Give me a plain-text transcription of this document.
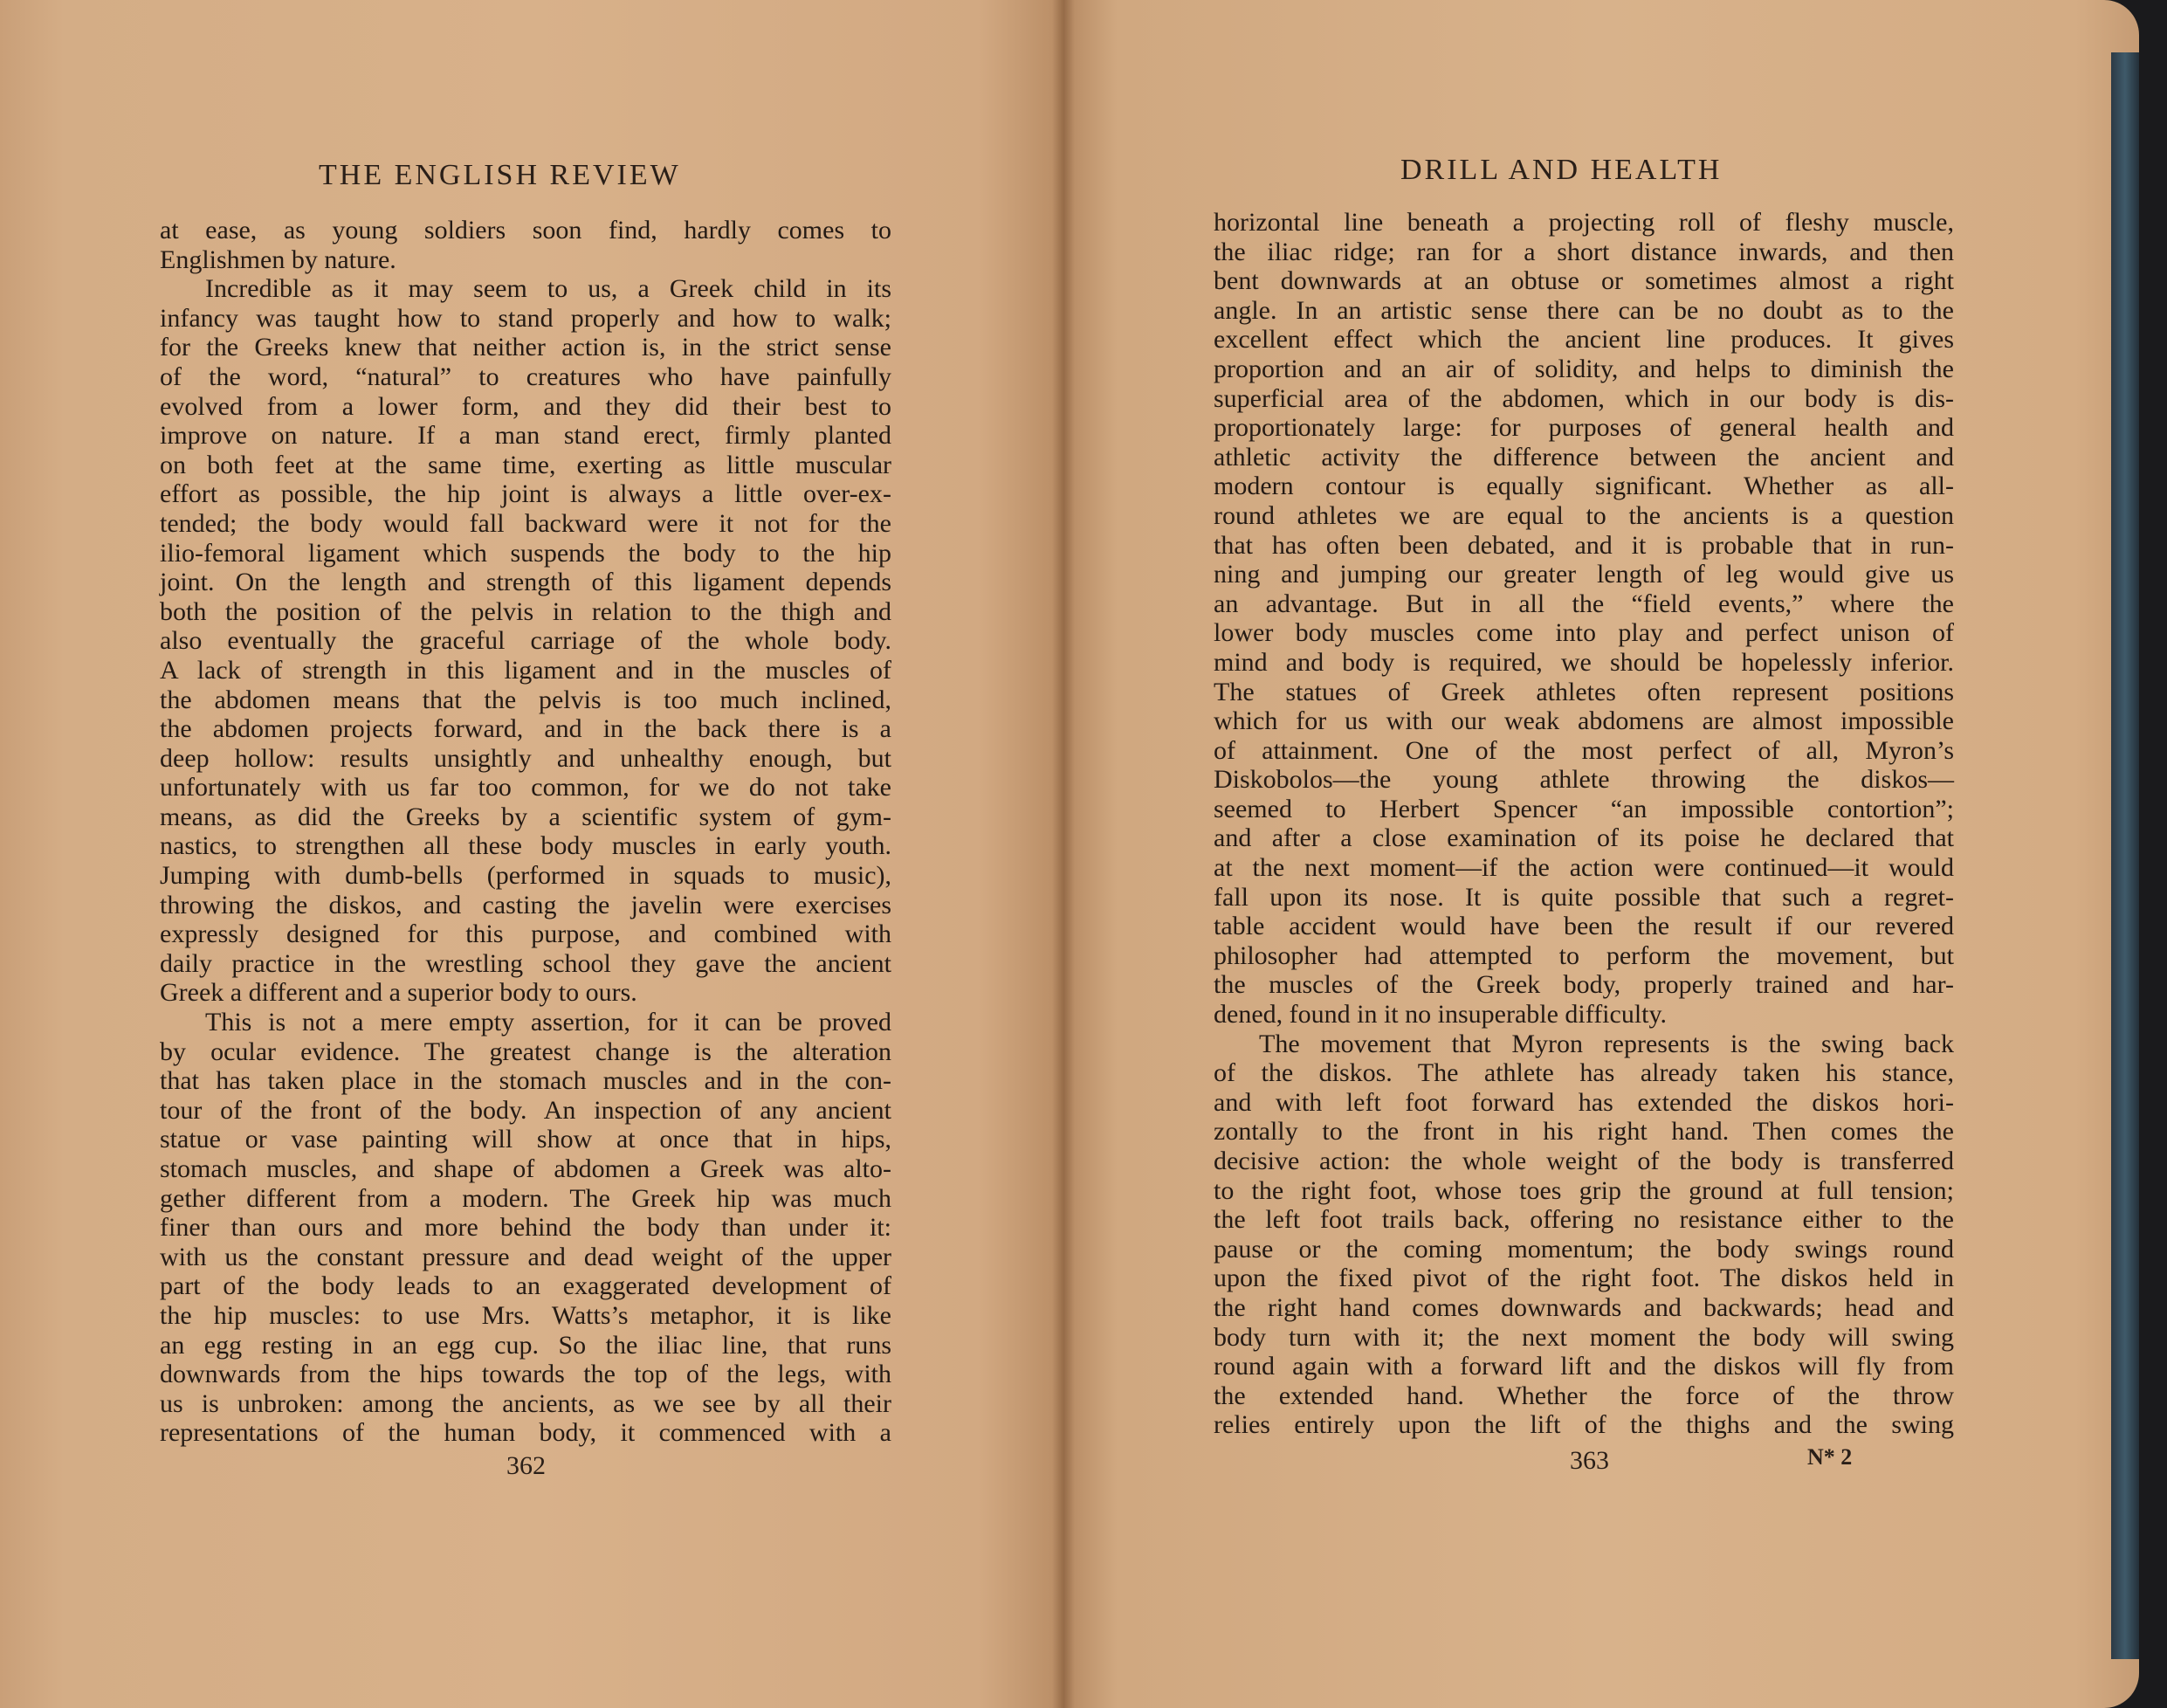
THE ENGLISH REVIEW
at ease, as young soldiers soon find, hardly comes to
Englishmen by nature.
Incredible as it may seem to us, a Greek child in its
infancy was taught how to stand properly and how to walk;
for the Greeks knew that neither action is, in the strict sense
of the word, “natural” to creatures who have painfully
evolved from a lower form, and they did their best to
improve on nature. If a man stand erect, firmly planted
on both feet at the same time, exerting as little muscular
effort as possible, the hip joint is always a little over-ex-
tended; the body would fall backward were it not for the
ilio-femoral ligament which suspends the body to the hip
joint. On the length and strength of this ligament depends
both the position of the pelvis in relation to the thigh and
also eventually the graceful carriage of the whole body.
A lack of strength in this ligament and in the muscles of
the abdomen means that the pelvis is too much inclined,
the abdomen projects forward, and in the back there is a
deep hollow: results unsightly and unhealthy enough, but
unfortunately with us far too common, for we do not take
means, as did the Greeks by a scientific system of gym-
nastics, to strengthen all these body muscles in early youth.
Jumping with dumb-bells (performed in squads to music),
throwing the diskos, and casting the javelin were exercises
expressly designed for this purpose, and combined with
daily practice in the wrestling school they gave the ancient
Greek a different and a superior body to ours.
This is not a mere empty assertion, for it can be proved
by ocular evidence. The greatest change is the alteration
that has taken place in the stomach muscles and in the con-
tour of the front of the body. An inspection of any ancient
statue or vase painting will show at once that in hips,
stomach muscles, and shape of abdomen a Greek was alto-
gether different from a modern. The Greek hip was much
finer than ours and more behind the body than under it:
with us the constant pressure and dead weight of the upper
part of the body leads to an exaggerated development of
the hip muscles: to use Mrs. Watts’s metaphor, it is like
an egg resting in an egg cup. So the iliac line, that runs
downwards from the hips towards the top of the legs, with
us is unbroken: among the ancients, as we see by all their
representations of the human body, it commenced with a
362
DRILL AND HEALTH
horizontal line beneath a projecting roll of fleshy muscle,
the iliac ridge; ran for a short distance inwards, and then
bent downwards at an obtuse or sometimes almost a right
angle. In an artistic sense there can be no doubt as to the
excellent effect which the ancient line produces. It gives
proportion and an air of solidity, and helps to diminish the
superficial area of the abdomen, which in our body is dis-
proportionately large: for purposes of general health and
athletic activity the difference between the ancient and
modern contour is equally significant. Whether as all-
round athletes we are equal to the ancients is a question
that has often been debated, and it is probable that in run-
ning and jumping our greater length of leg would give us
an advantage. But in all the “field events,” where the
lower body muscles come into play and perfect unison of
mind and body is required, we should be hopelessly inferior.
The statues of Greek athletes often represent positions
which for us with our weak abdomens are almost impossible
of attainment. One of the most perfect of all, Myron’s
Diskobolos—the young athlete throwing the diskos—
seemed to Herbert Spencer “an impossible contortion”;
and after a close examination of its poise he declared that
at the next moment—if the action were continued—it would
fall upon its nose. It is quite possible that such a regret-
table accident would have been the result if our revered
philosopher had attempted to perform the movement, but
the muscles of the Greek body, properly trained and har-
dened, found in it no insuperable difficulty.
The movement that Myron represents is the swing back
of the diskos. The athlete has already taken his stance,
and with left foot forward has extended the diskos hori-
zontally to the front in his right hand. Then comes the
decisive action: the whole weight of the body is transferred
to the right foot, whose toes grip the ground at full tension;
the left foot trails back, offering no resistance either to the
pause or the coming momentum; the body swings round
upon the fixed pivot of the right foot. The diskos held in
the right hand comes downwards and backwards; head and
body turn with it; the next moment the body will swing
round again with a forward lift and the diskos will fly from
the extended hand. Whether the force of the throw
relies entirely upon the lift of the thighs and the swing
363	N* 2
